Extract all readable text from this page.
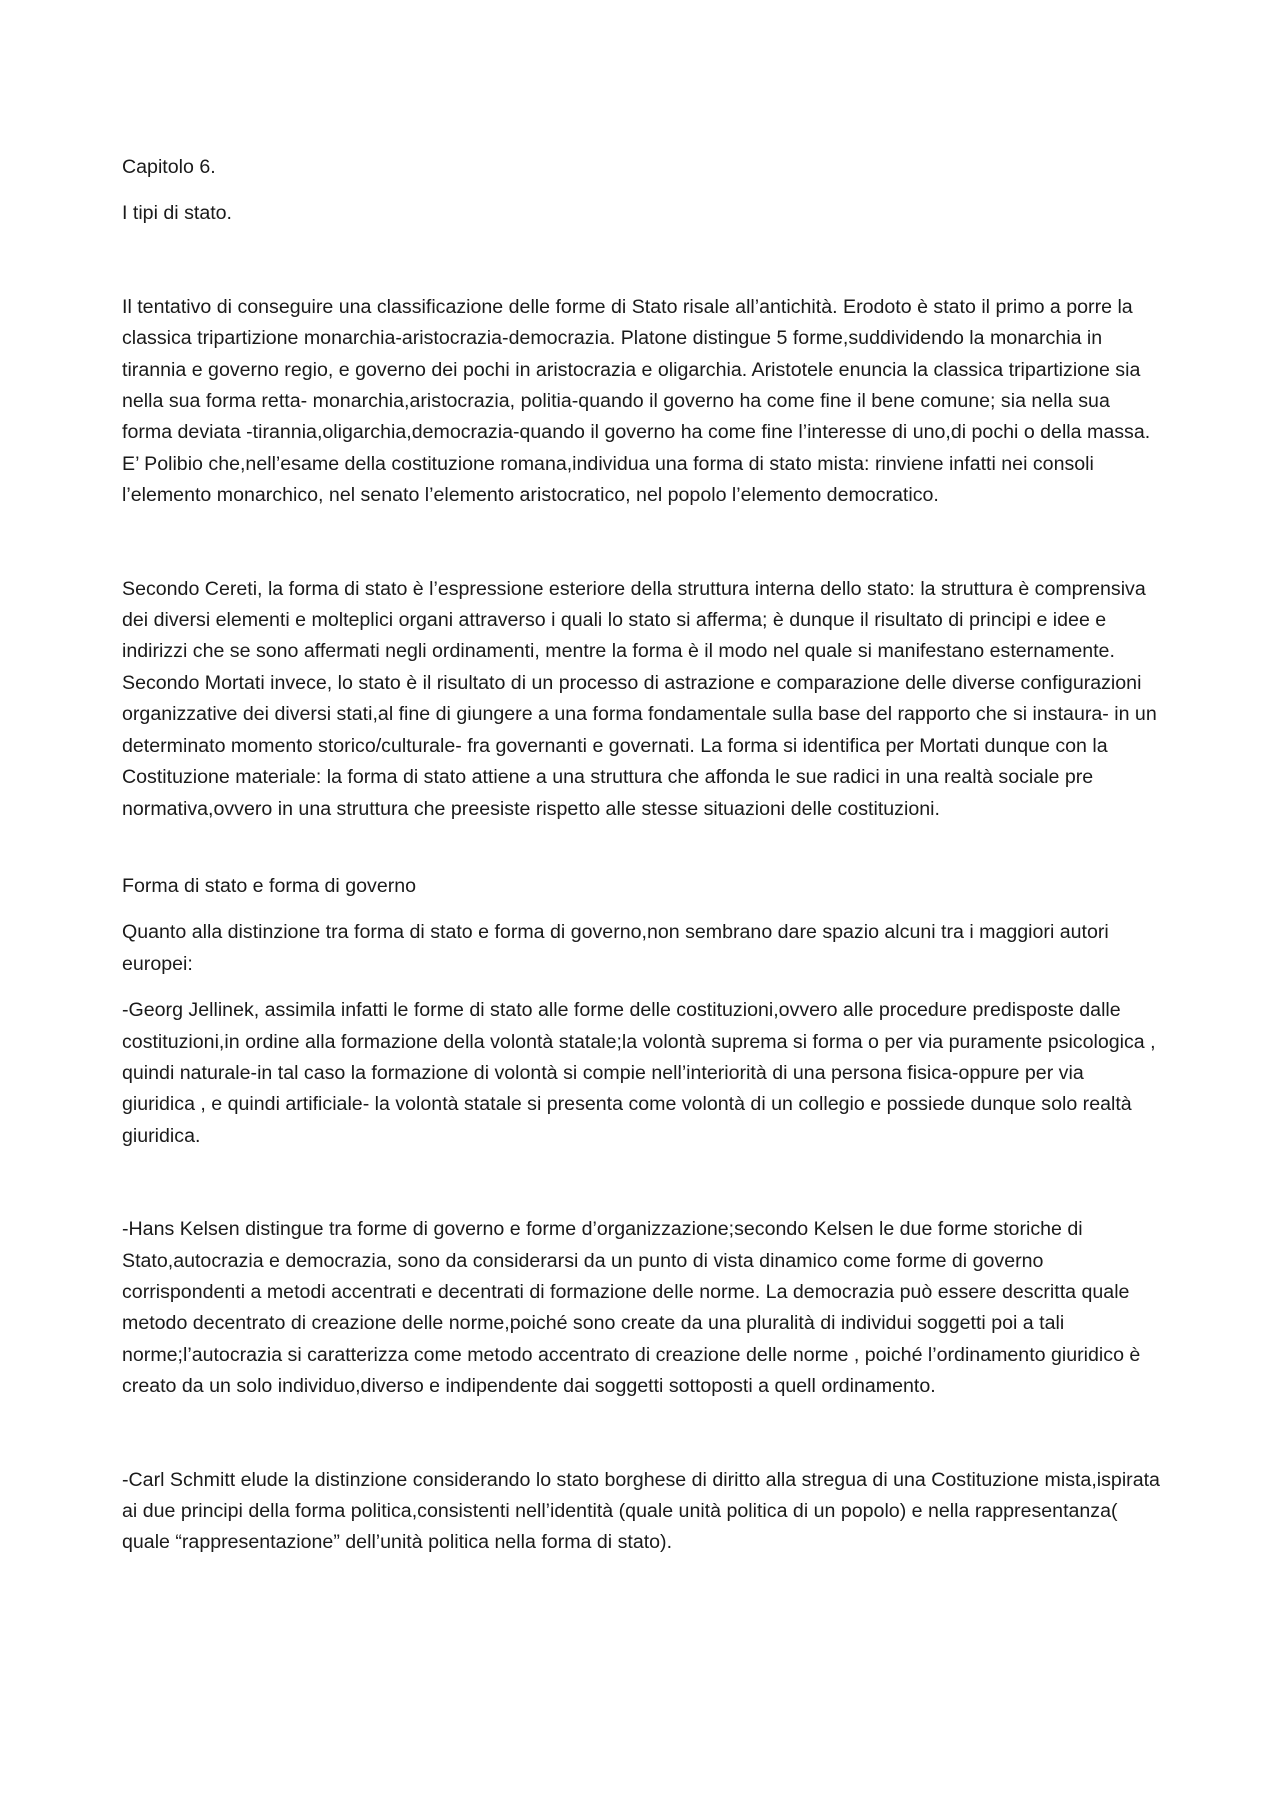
Capitolo 6.

I tipi di stato.

Il tentativo di conseguire una classificazione delle forme di Stato risale all’antichità. Erodoto è stato il primo a porre la classica tripartizione monarchia-aristocrazia-democrazia. Platone distingue 5 forme,suddividendo la monarchia in tirannia e governo regio, e governo dei pochi in aristocrazia e oligarchia. Aristotele enuncia la classica tripartizione sia nella sua forma retta- monarchia,aristocrazia, politia-quando il governo ha come fine il bene comune; sia nella sua forma deviata -tirannia,oligarchia,democrazia-quando il governo ha come fine l’interesse di uno,di pochi o della massa. E’ Polibio che,nell’esame della costituzione romana,individua una forma di stato mista: rinviene infatti nei consoli l’elemento monarchico, nel senato l’elemento aristocratico, nel popolo l’elemento democratico.

Secondo Cereti, la forma di stato è l’espressione esteriore della struttura interna dello stato: la struttura è comprensiva dei diversi elementi e molteplici organi attraverso i quali lo stato si afferma; è dunque il risultato di principi e idee e indirizzi che se sono affermati negli ordinamenti, mentre la forma è il modo nel quale si manifestano esternamente. Secondo Mortati invece, lo stato è il risultato di un processo di astrazione e comparazione delle diverse configurazioni organizzative dei diversi stati,al fine di giungere a una forma fondamentale sulla base del rapporto che si instaura- in un determinato momento storico/culturale- fra governanti e governati. La forma si identifica per Mortati dunque con la Costituzione materiale: la forma di stato attiene a una struttura che affonda le sue radici in una realtà sociale pre normativa,ovvero in una struttura che preesiste rispetto alle stesse situazioni delle costituzioni.

Forma di stato e forma di governo

Quanto alla distinzione tra forma di stato e forma di governo,non sembrano dare spazio alcuni tra i maggiori autori europei:

-Georg Jellinek, assimila infatti le forme di stato alle forme delle costituzioni,ovvero alle procedure predisposte dalle costituzioni,in ordine alla formazione della volontà statale;la volontà suprema si forma o per via puramente psicologica , quindi naturale-in tal caso la formazione di volontà si compie nell’interiorità di una persona fisica-oppure per via giuridica , e quindi artificiale- la volontà statale si presenta come volontà di un collegio e possiede dunque solo realtà giuridica.

-Hans Kelsen distingue tra forme di governo e forme d’organizzazione;secondo Kelsen le due forme storiche di Stato,autocrazia e democrazia, sono da considerarsi da un punto di vista dinamico come forme di governo corrispondenti a metodi accentrati e decentrati di formazione delle norme. La democrazia può essere descritta quale metodo decentrato di creazione delle norme,poiché sono create da una pluralità di individui soggetti poi a tali norme;l’autocrazia si caratterizza come metodo accentrato di creazione delle norme , poiché l’ordinamento giuridico è creato da un solo individuo,diverso e indipendente dai soggetti sottoposti a quell ordinamento.

-Carl Schmitt elude la distinzione considerando lo stato borghese di diritto alla stregua di una Costituzione mista,ispirata ai due principi della forma politica,consistenti nell’identità (quale unità politica di un popolo) e nella rappresentanza( quale “rappresentazione” dell’unità politica nella forma di stato).
